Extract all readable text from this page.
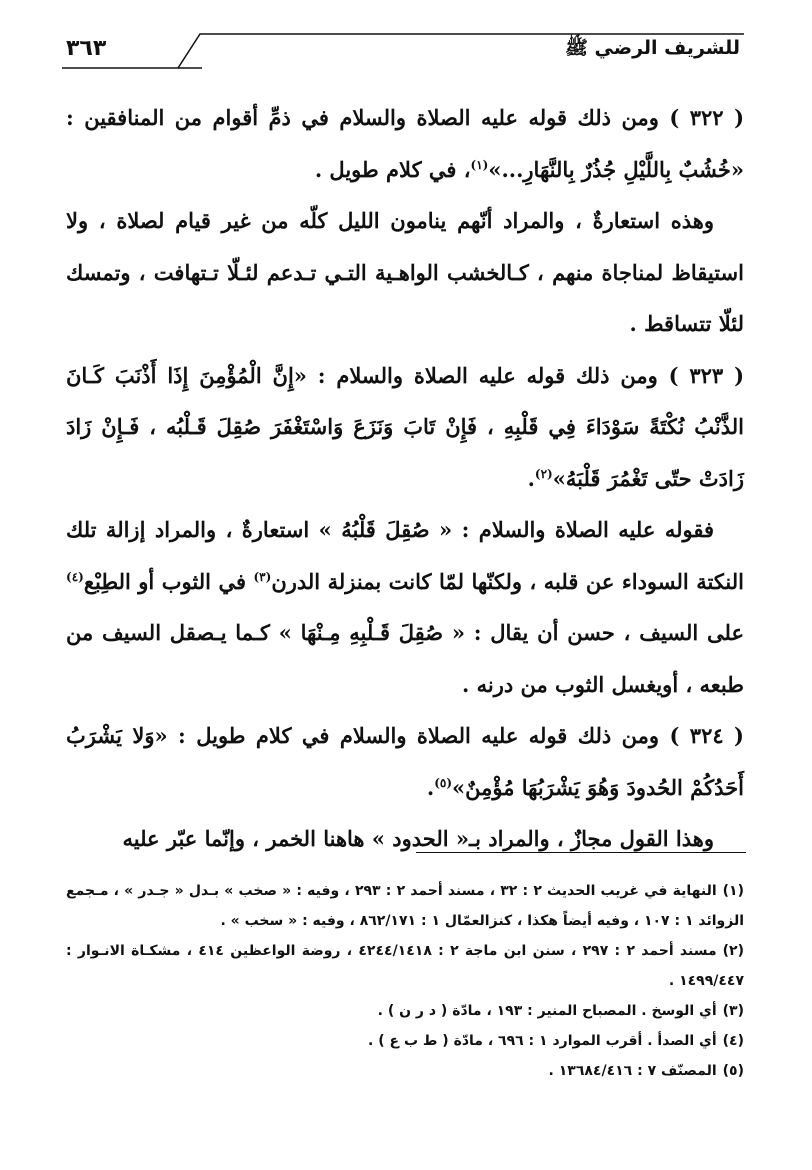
للشريف الرضي ﷺ
٣٦٣

( ٣٢٢ ) ومن ذلك قوله عليه الصلاة والسلام في ذمِّ أقوام من المنافقين : «خُشُبٌ بِاللَّيْلِ جُذُرٌ بِالنَّهَارِ...»$^{(١)}$، في كلام طويل .

وهذه استعارةٌ ، والمراد أنّهم ينامون الليل كلّه من غير قيام لصلاة ، ولا استيقاظ لمناجاة منهم ، كـالخشب الواهـية التـي تـدعم لئـلّا تـتهافت ، وتمسك لئلّا تتساقط .

( ٣٢٣ ) ومن ذلك قوله عليه الصلاة والسلام : «إِنَّ الْمُؤْمِنَ إِذَا أَذْنَبَ كَـانَ الذَّنْبُ نُكْتَةً سَوْدَاءَ فِي قَلْبِهِ ، فَإِنْ تَابَ وَنَزَعَ وَاسْتَغْفَرَ صُقِلَ قَـلْبُه ، فَـإِنْ زَادَ زَادَتْ حتّى تَغْمُرَ قَلْبَهُ»$^{(٢)}$.

فقوله عليه الصلاة والسلام : « صُقِلَ قَلْبُهُ » استعارةٌ ، والمراد إزالة تلك النكتة السوداء عن قلبه ، ولكنّها لمّا كانت بمنزلة الدرن$^{(٣)}$ في الثوب أو الطِبْع$^{(٤)}$ على السيف ، حسن أن يقال : « صُقِلَ قَـلْبِهِ مِـنْهَا » كـما يـصقل السيف من طبعه ، أويغسل الثوب من درنه .

( ٣٢٤ ) ومن ذلك قوله عليه الصلاة والسلام في كلام طويل : «وَلا يَشْرَبُ أَحَدُكُمْ الحُدودَ وَهُوَ يَشْرَبُهَا مُؤْمِنٌ»$^{(٥)}$.

وهذا القول مجازٌ ، والمراد بـ« الحدود » هاهنا الخمر ، وإنّما عبّر عليه

(١)النهاية في غريب الحديث ٢ : ٣٢ ، مسند أحمد ٢ : ٢٩٣ ، وفيه : « صخب » بـدل « جـدر » ، مـجمع الزوائد ١ : ١٠٧ ، وفيه أيضاً هكذا ، كنزالعمّال ١ : ٨٦٢/١٧١ ، وفيه : « سخب » .

(٢)مسند أحمد ٢ : ٢٩٧ ، سنن ابن ماجة ٢ : ٤٢٤٤/١٤١٨ ، روضة الواعظين ٤١٤ ، مشكـاة الانـوار : ١٤٩٩/٤٤٧ .

(٣)أي الوسخ . المصباح المنير : ١٩٣ ، مادّة ( د ر ن ) .

(٤)أي الصدأ . أقرب الموارد ١ : ٦٩٦ ، مادّة ( ط ب ع ) .

(٥)المصنّف ٧ : ١٣٦٨٤/٤١٦ .
